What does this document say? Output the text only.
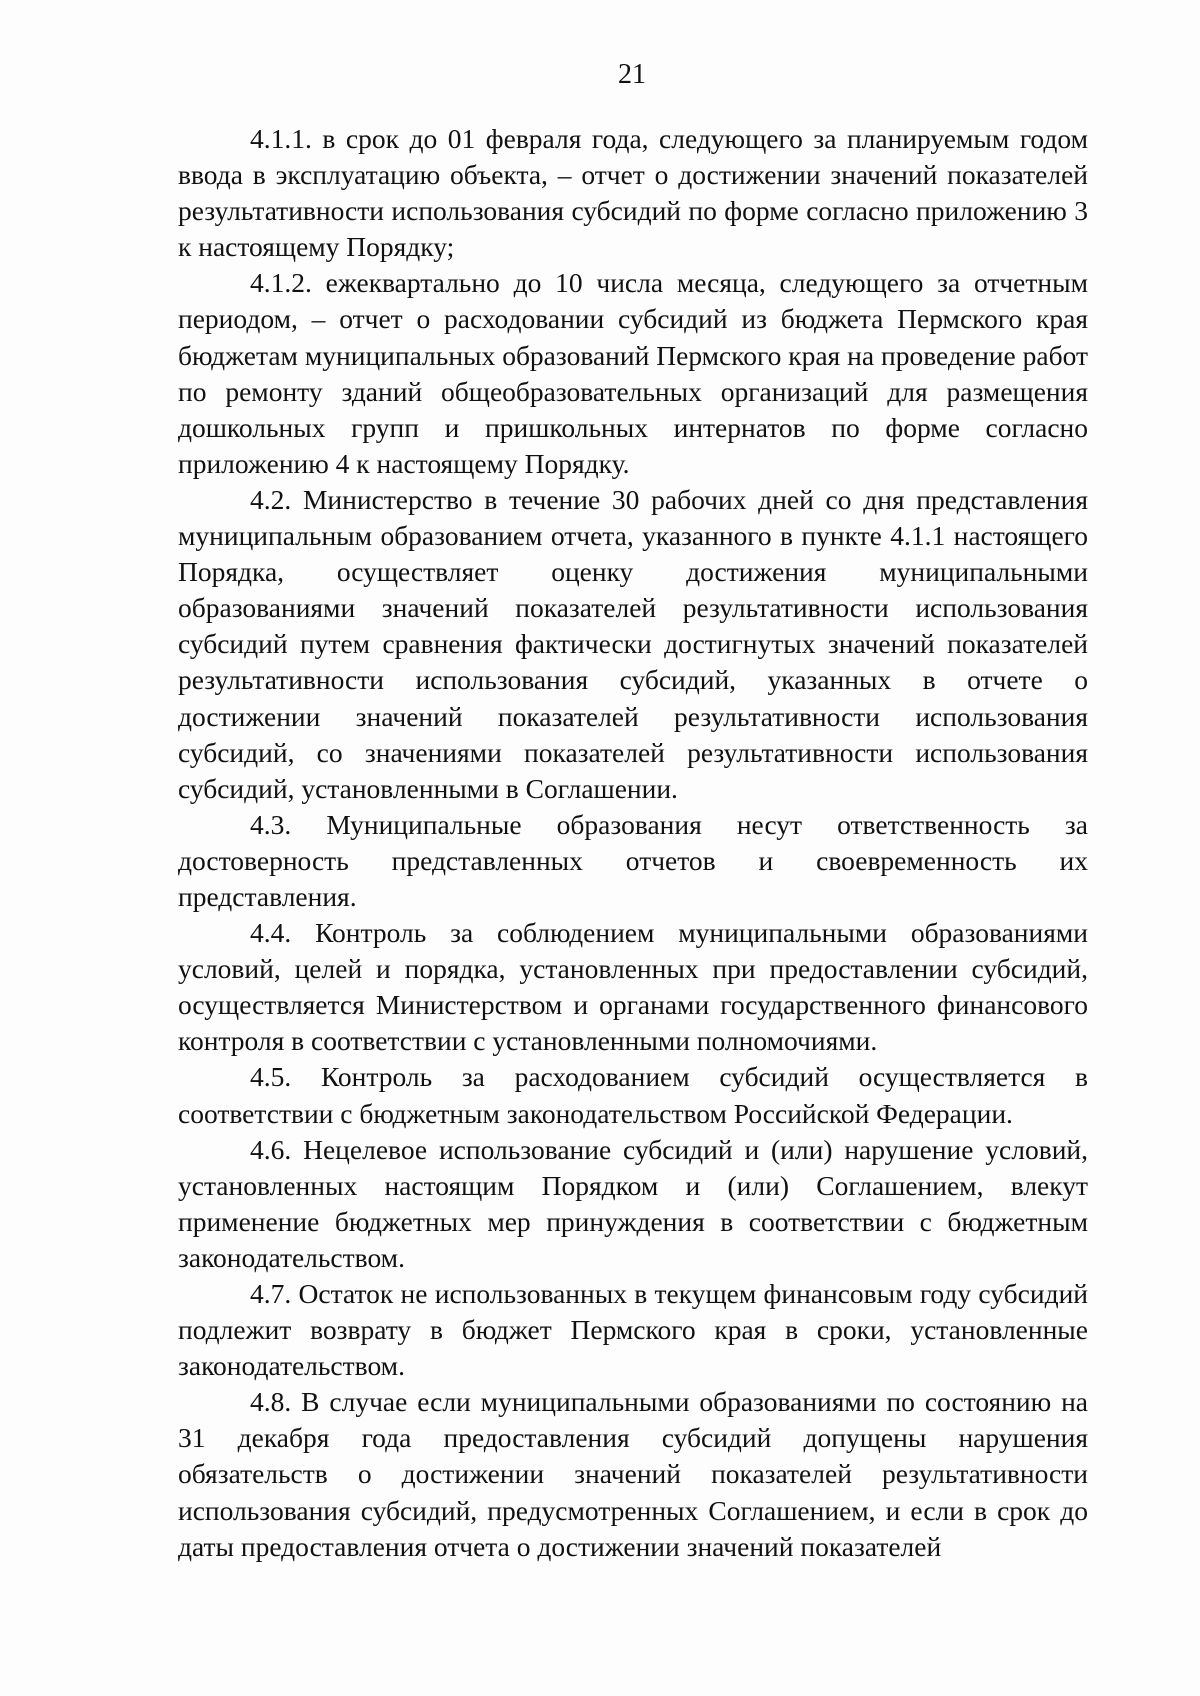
21

4.1.1. в срок до 01 февраля года, следующего за планируемым годом ввода в эксплуатацию объекта, – отчет о достижении значений показателей результативности использования субсидий по форме согласно приложению 3 к настоящему Порядку;

4.1.2. ежеквартально до 10 числа месяца, следующего за отчетным периодом, – отчет о расходовании субсидий из бюджета Пермского края бюджетам муниципальных образований Пермского края на проведение работ по ремонту зданий общеобразовательных организаций для размещения дошкольных групп и пришкольных интернатов по форме согласно приложению 4 к настоящему Порядку.

4.2. Министерство в течение 30 рабочих дней со дня представления муниципальным образованием отчета, указанного в пункте 4.1.1 настоящего Порядка, осуществляет оценку достижения муниципальными образованиями значений показателей результативности использования субсидий путем сравнения фактически достигнутых значений показателей результативности использования субсидий, указанных в отчете о достижении значений показателей результативности использования субсидий, со значениями показателей результативности использования субсидий, установленными в Соглашении.

4.3. Муниципальные образования несут ответственность за достоверность представленных отчетов и своевременность их представления.

4.4. Контроль за соблюдением муниципальными образованиями условий, целей и порядка, установленных при предоставлении субсидий, осуществляется Министерством и органами государственного финансового контроля в соответствии с установленными полномочиями.

4.5. Контроль за расходованием субсидий осуществляется в соответствии с бюджетным законодательством Российской Федерации.

4.6. Нецелевое использование субсидий и (или) нарушение условий, установленных настоящим Порядком и (или) Соглашением, влекут применение бюджетных мер принуждения в соответствии с бюджетным законодательством.

4.7. Остаток не использованных в текущем финансовым году субсидий подлежит возврату в бюджет Пермского края в сроки, установленные законодательством.

4.8. В случае если муниципальными образованиями по состоянию на 31 декабря года предоставления субсидий допущены нарушения обязательств о достижении значений показателей результативности использования субсидий, предусмотренных Соглашением, и если в срок до даты предоставления отчета о достижении значений показателей
